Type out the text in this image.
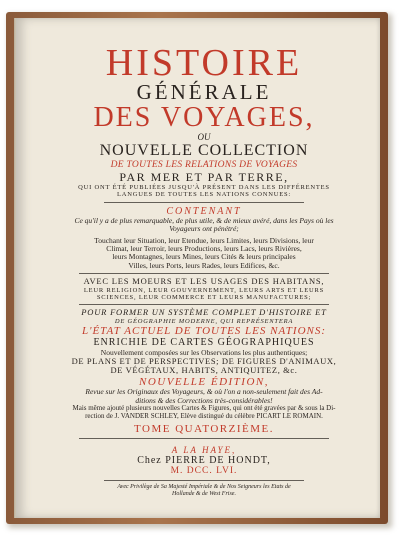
HISTOIRE
GÉNÉRALE
DES VOYAGES,
OU
NOUVELLE COLLECTION
DE TOUTES LES RELATIONS DE VOYAGES
PAR MER ET PAR TERRE,
QUI ONT ÉTÉ PUBLIÉES JUSQU'À PRÉSENT DANS LES DIFFÉRENTES
LANGUES DE TOUTES LES NATIONS CONNUES:
CONTENANT
Ce qu'il y a de plus remarquable, de plus utile, & de mieux avéré, dans les Pays où les
Voyageurs ont pénétré;
Touchant leur Situation, leur Etendue, leurs Limites, leurs Divisions, leur
Climat, leur Terroir, leurs Productions, leurs Lacs, leurs Rivières,
leurs Montagnes, leurs Mines, leurs Cités & leurs principales
Villes, leurs Ports, leurs Rades, leurs Edifices, &c.
AVEC LES MOEURS ET LES USAGES DES HABITANS,
LEUR RELIGION, LEUR GOUVERNEMENT, LEURS ARTS ET LEURS
SCIENCES, LEUR COMMERCE ET LEURS MANUFACTURES;
POUR FORMER UN SYSTÈME COMPLET D'HISTOIRE ET
DE GÉOGRAPHIE MODERNE, QUI REPRÉSENTERA
L'ÉTAT ACTUEL DE TOUTES LES NATIONS:
ENRICHIE DE CARTES GÉOGRAPHIQUES
Nouvellement composées sur les Observations les plus authentiques;
DE PLANS ET DE PERSPECTIVES; DE FIGURES D'ANIMAUX,
DE VÉGÉTAUX, HABITS, ANTIQUITEZ, &c.
NOUVELLE ÉDITION,
Revue sur les Originaux des Voyageurs, & où l'on a non-seulement fait des Ad-
ditions & des Corrections très-considérables!
Mais même ajouté plusieurs nouvelles Cartes & Figures, qui ont été gravées par & sous la Di-
rection de J. VANDER SCHLEY, Elève distingué du célèbre PICART LE ROMAIN.
TOME QUATORZIÈME.
A LA HAYE,
Chez PIERRE DE HONDT,
M. DCC. LVI.
Avec Privilège de Sa Majesté Impériale & de Nos Seigneurs les Etats de
Hollande & de West Frise.
